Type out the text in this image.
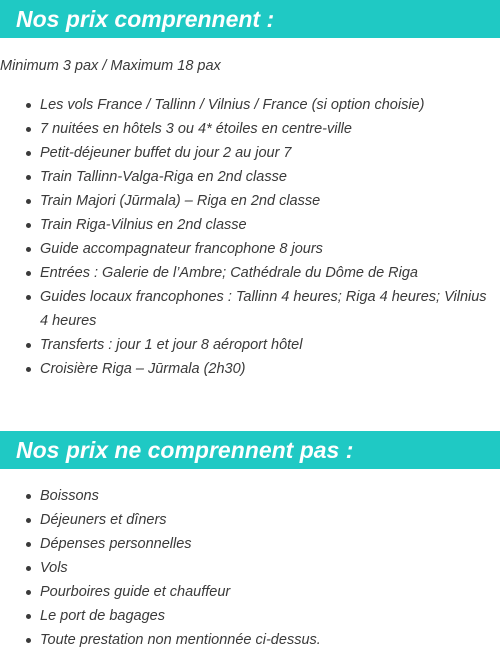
Nos prix comprennent :
Minimum 3 pax / Maximum 18 pax
Les vols France / Tallinn / Vilnius / France (si option choisie)
7 nuitées en hôtels 3 ou 4* étoiles en centre-ville
Petit-déjeuner buffet du jour 2 au jour 7
Train Tallinn-Valga-Riga en 2nd classe
Train Majori (Jūrmala) – Riga en 2nd classe
Train Riga-Vilnius en 2nd classe
Guide accompagnateur francophone 8 jours
Entrées : Galerie de l’Ambre; Cathédrale du Dôme de Riga
Guides locaux francophones : Tallinn 4 heures; Riga 4 heures; Vilnius 4 heures
Transferts : jour 1 et jour 8 aéroport hôtel
Croisière Riga – Jūrmala (2h30)
Nos prix ne comprennent pas :
Boissons
Déjeuners et dîners
Dépenses personnelles
Vols
Pourboires guide et chauffeur
Le port de bagages
Toute prestation non mentionnée ci-dessus.
